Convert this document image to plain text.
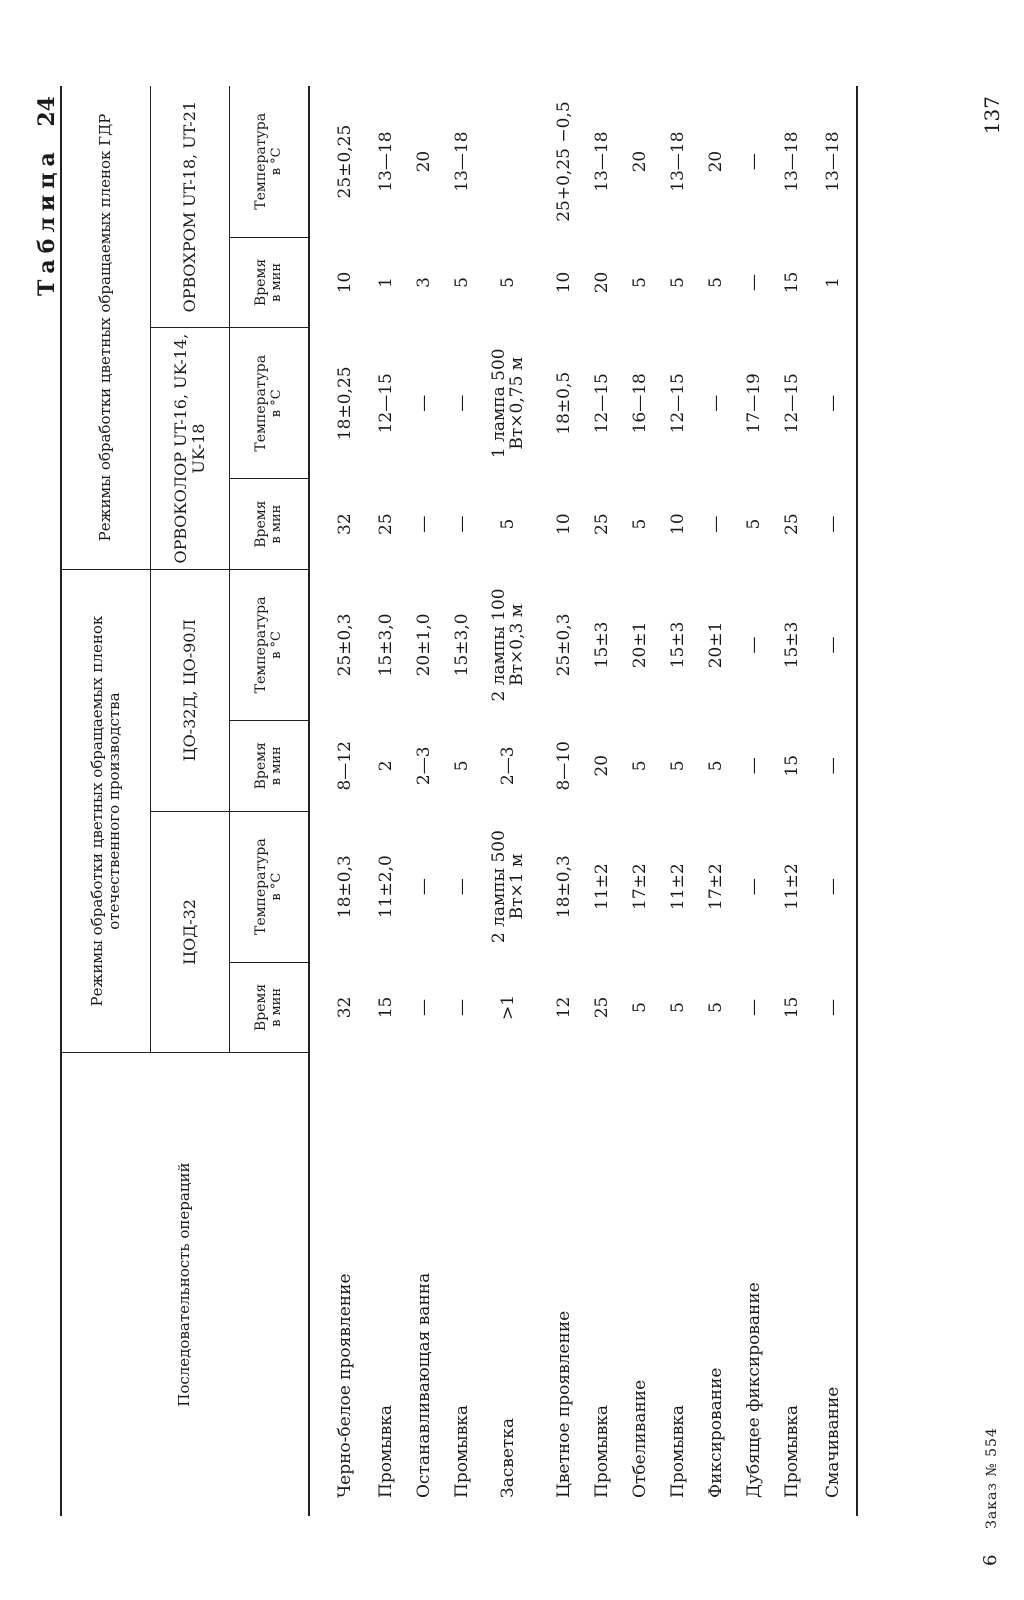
Таблица 24
Последовательность операций	Режимы обработки цветных обращаемых пленок отечественного производства				Режимы обработки цветных обращаемых пленок ГДР			
	ЦОД-32		ЦО-32Д, ЦО-90Л		ОРВОКОЛОР UT-16, UK-14, UK-18		ОРВОХРОМ UT-18, UT-21	
	Время в мин	Температура в °С	Время в мин	Температура в °С	Время в мин	Температура в °С	Время в мин	Температура в °С

Черно-белое проявление	32	18±0,3	8—12	25±0,3	32	18±0,25	10	25±0,25
Промывка	15	11±2,0	2	15±3,0	25	12—15	1	13—18
Останавливающая ванна	—	—	2—3	20±1,0	—	—	3	20
Промывка	—	—	5	15±3,0	—	—	5	13—18
Засветка	>1	2 лампы 500 Вт×1 м	2—3	2 лампы 100 Вт×0,3 м	5	1 лампа 500 Вт×0,75 м	5	
Цветное проявление	12	18±0,3	8—10	25±0,3	10	18±0,5	10	25+0,25 −0,5
Промывка	25	11±2	20	15±3	25	12—15	20	13—18
Отбеливание	5	17±2	5	20±1	5	16—18	5	20
Промывка	5	11±2	5	15±3	10	12—15	5	13—18
Фиксирование	5	17±2	5	20±1	—	—	5	20
Дубящее фиксирование	—	—	—	—	5	17—19	—	—
Промывка	15	11±2	15	15±3	25	12—15	15	13—18
Смачивание	—	—	—	—	—	—	1	13—18
6 Заказ № 554
137
